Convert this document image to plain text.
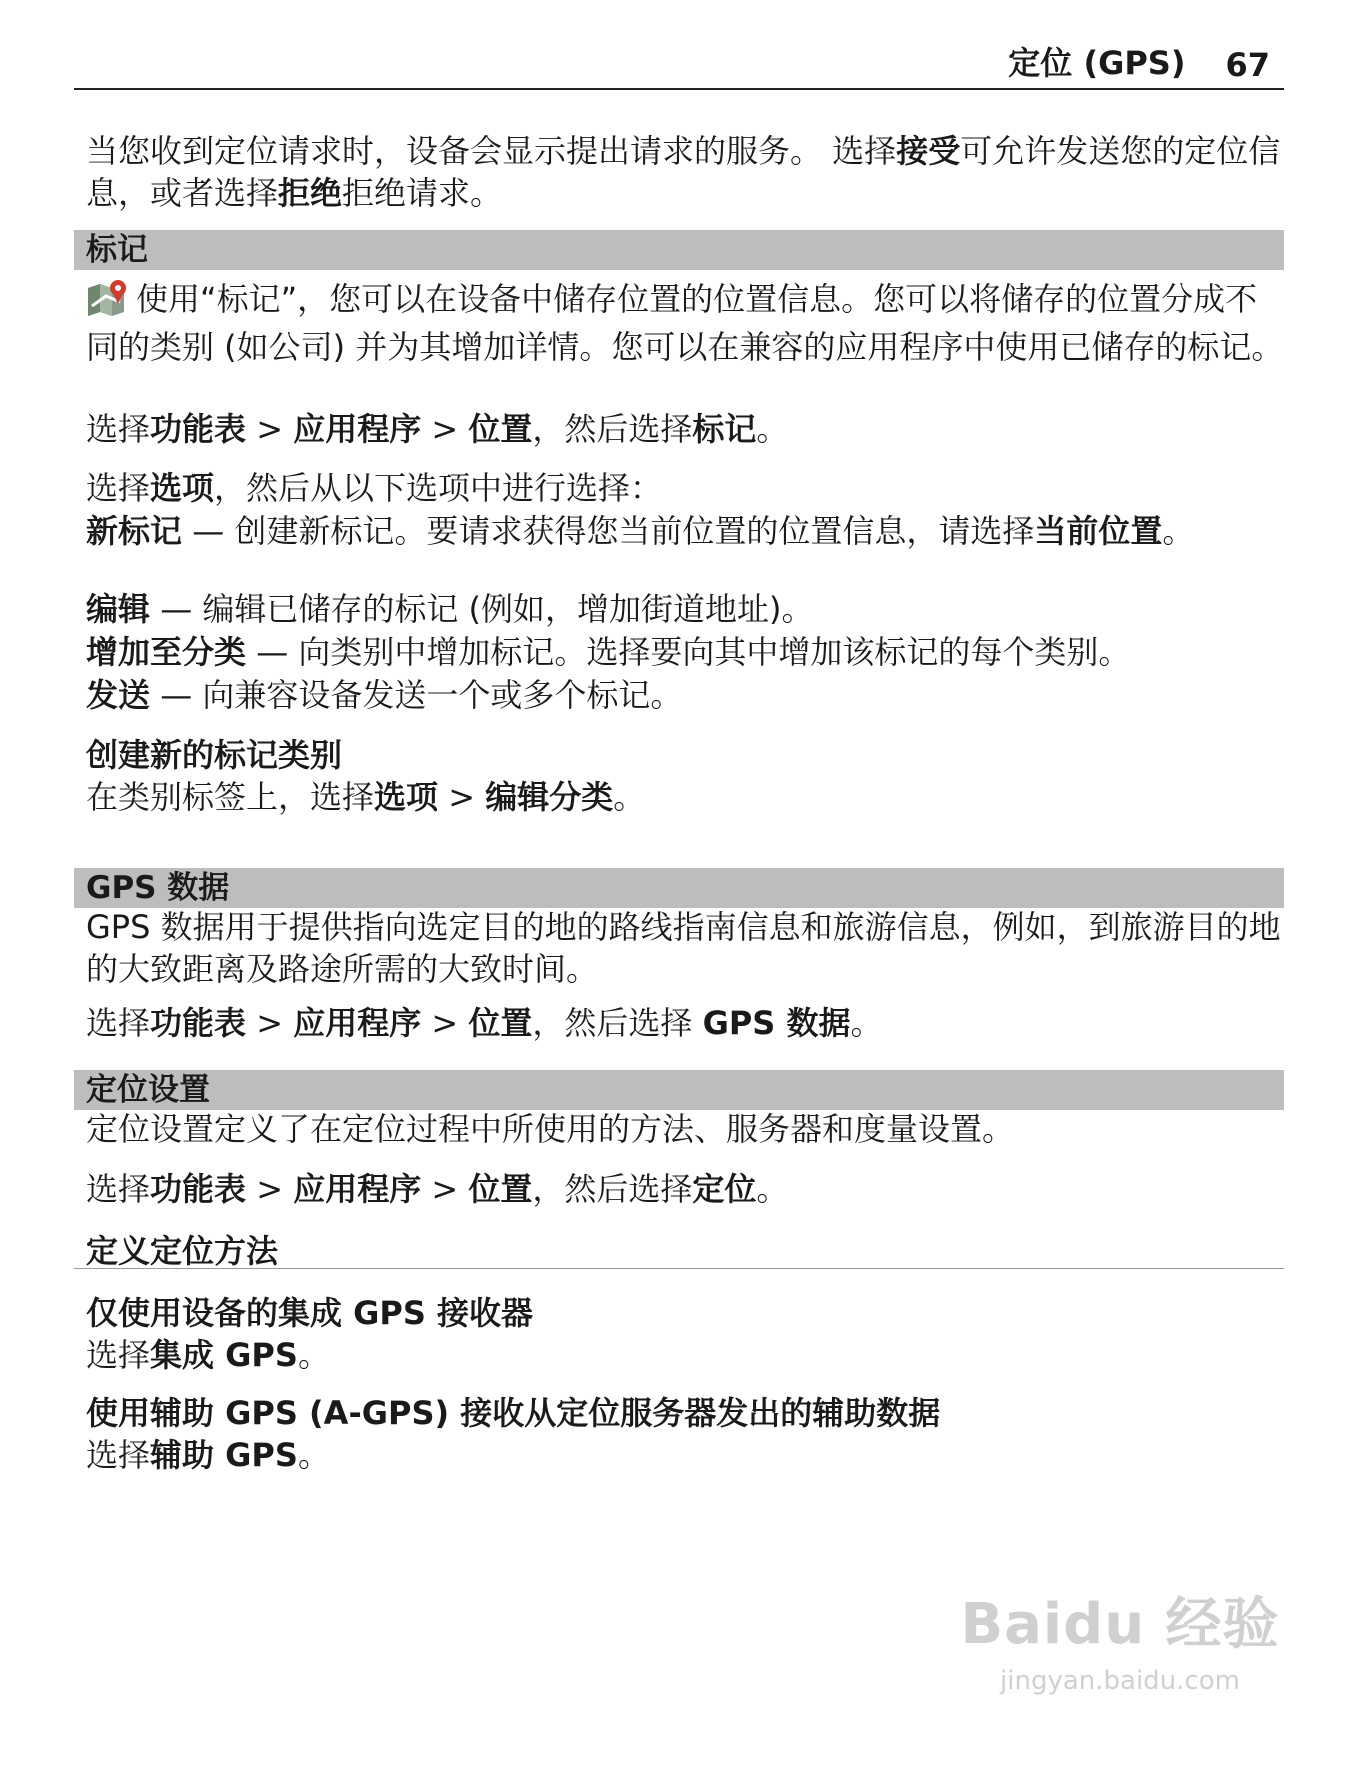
定位 (GPS) 67

当您收到定位请求时，设备会显示提出请求的服务。 选择接受可允许发送您的定位信息，或者选择拒绝拒绝请求。

标记

使用“标记”，您可以在设备中储存位置的位置信息。您可以将储存的位置分成不同的类别 (如公司) 并为其增加详情。您可以在兼容的应用程序中使用已储存的标记。

选择功能表 > 应用程序 > 位置，然后选择标记。

选择选项，然后从以下选项中进行选择：

新标记 — 创建新标记。要请求获得您当前位置的位置信息，请选择当前位置。

编辑 — 编辑已储存的标记 (例如，增加街道地址)。

增加至分类 — 向类别中增加标记。选择要向其中增加该标记的每个类别。

发送 — 向兼容设备发送一个或多个标记。

创建新的标记类别

在类别标签上，选择选项 > 编辑分类。

GPS 数据

GPS 数据用于提供指向选定目的地的路线指南信息和旅游信息，例如，到旅游目的地的大致距离及路途所需的大致时间。

选择功能表 > 应用程序 > 位置，然后选择 GPS 数据。

定位设置

定位设置定义了在定位过程中所使用的方法、服务器和度量设置。

选择功能表 > 应用程序 > 位置，然后选择定位。

定义定位方法

仅使用设备的集成 GPS 接收器

选择集成 GPS。

使用辅助 GPS (A-GPS) 接收从定位服务器发出的辅助数据

选择辅助 GPS。

Baidu 经验
jingyan.baidu.com
